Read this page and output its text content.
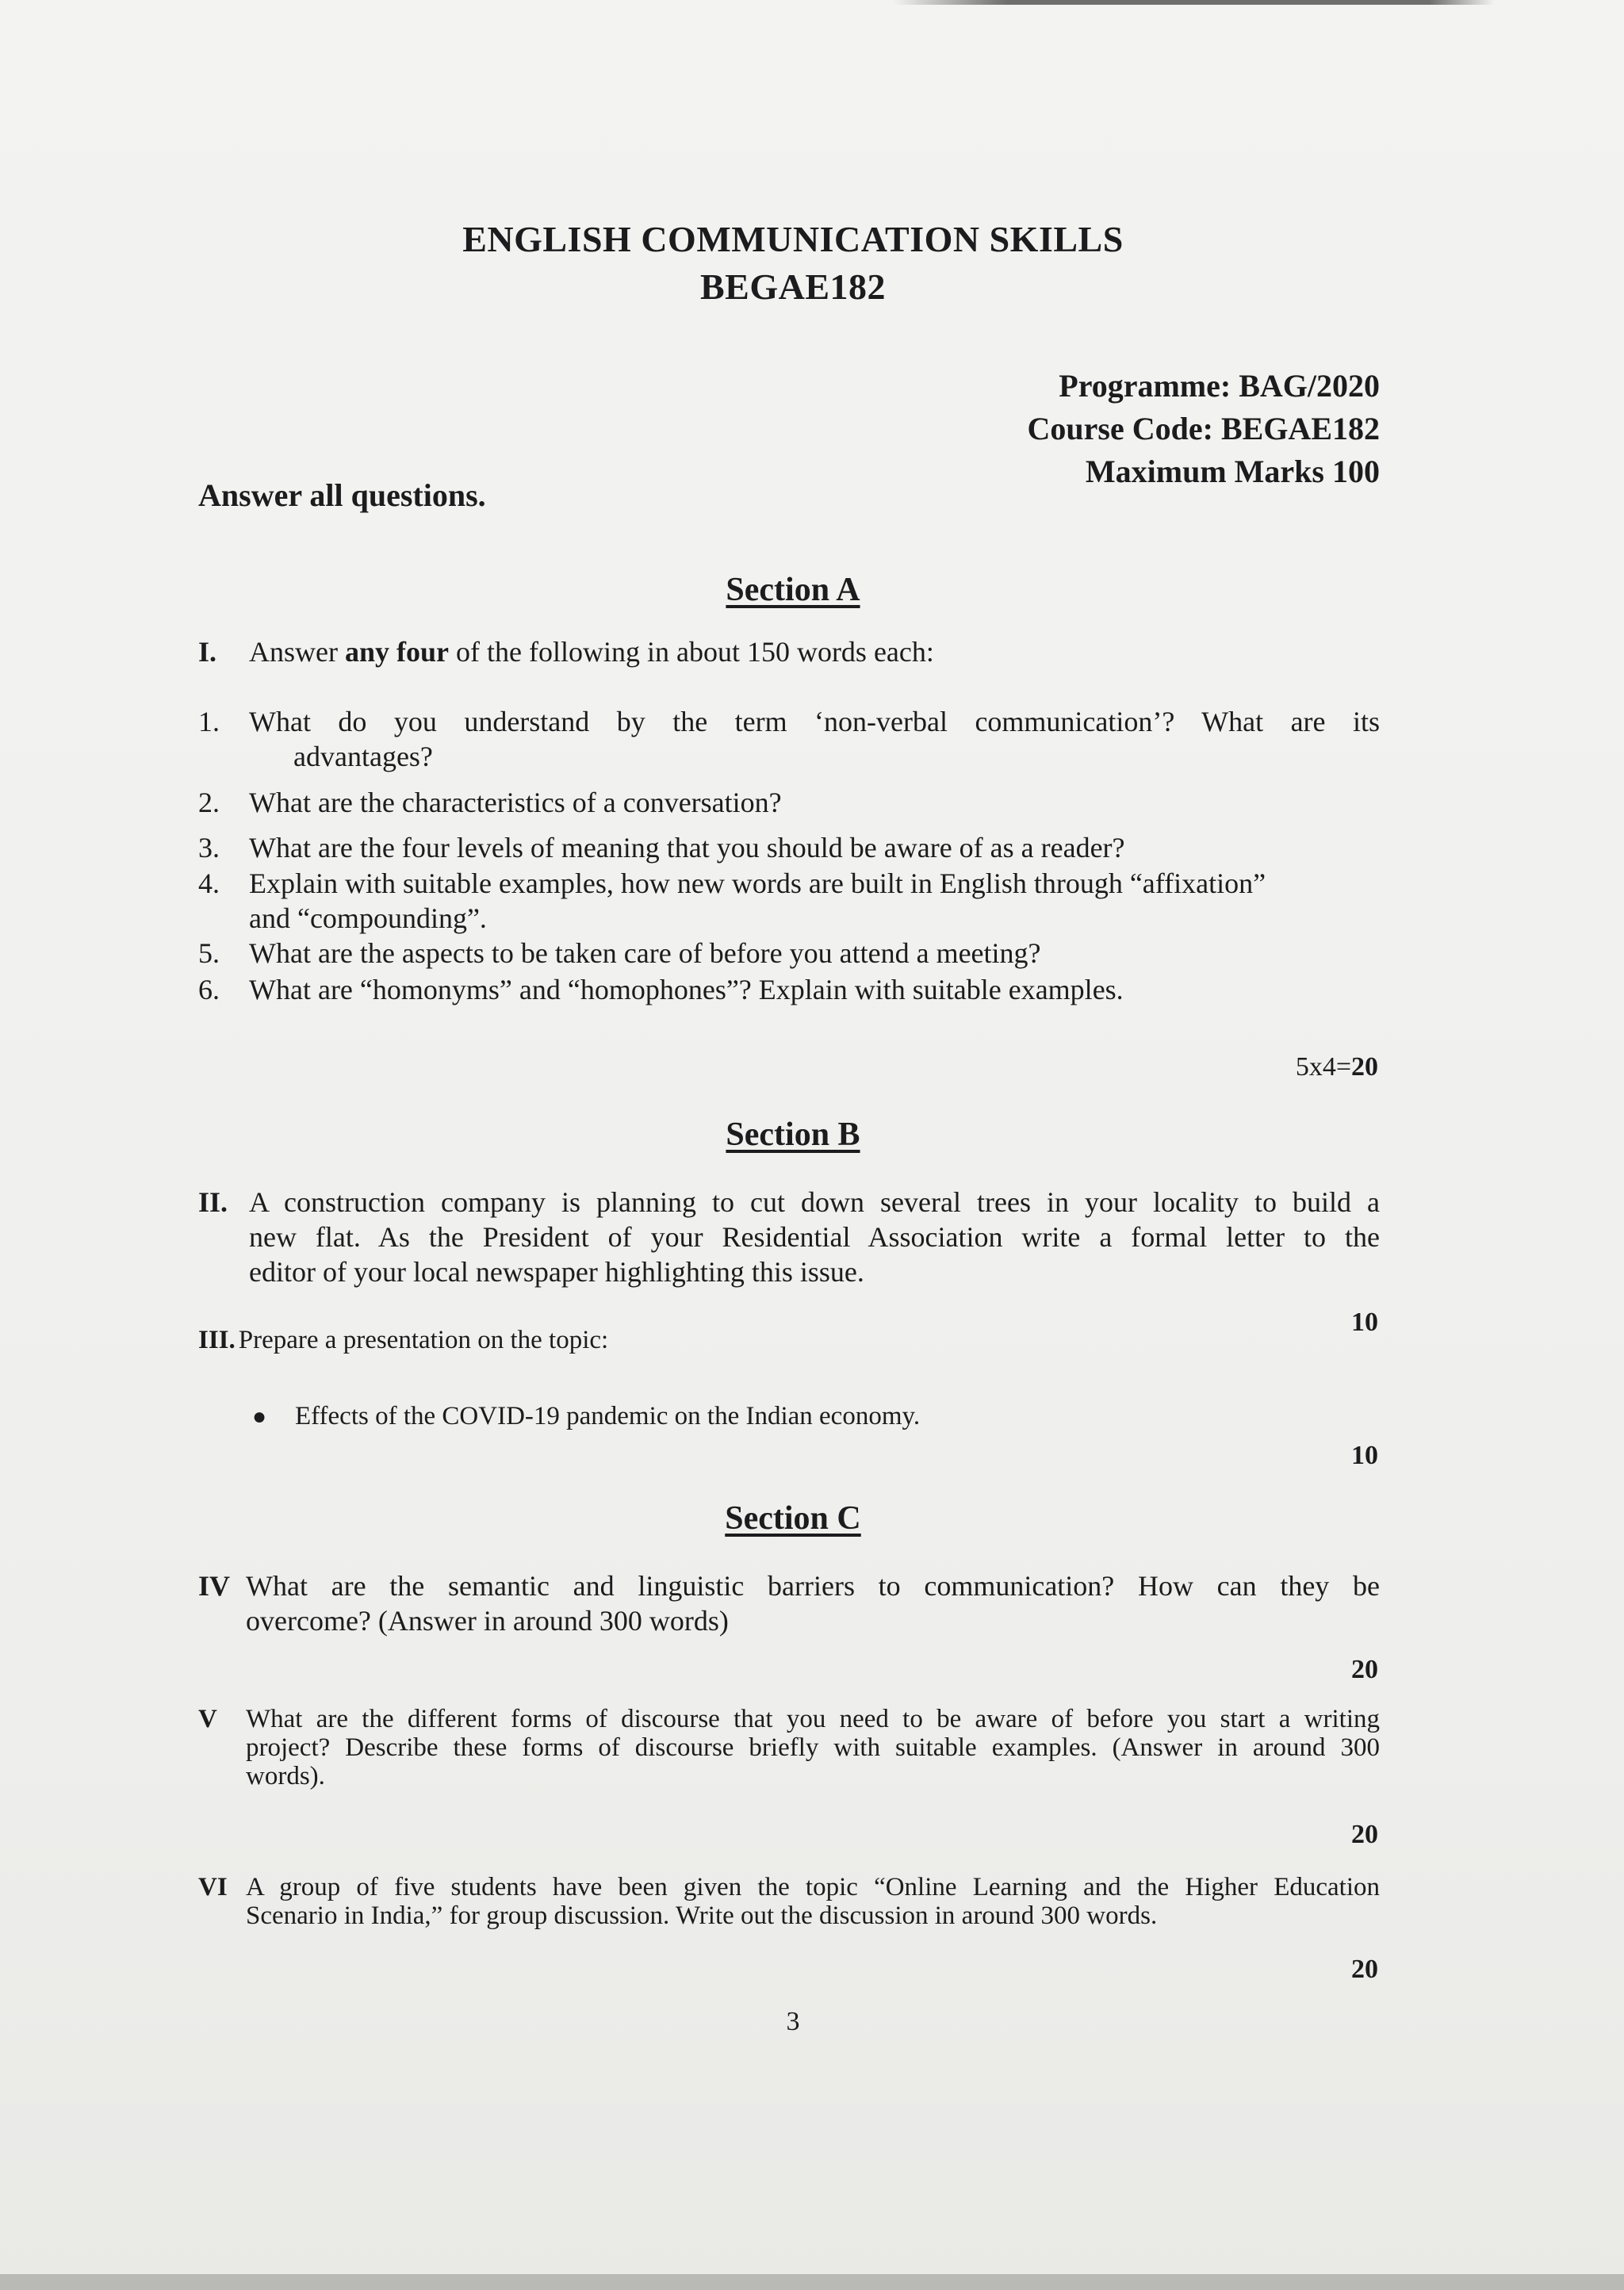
ENGLISH COMMUNICATION SKILLS
BEGAE182
Programme: BAG/2020
Course Code: BEGAE182
Maximum Marks 100
Answer all questions.
Section A
I. Answer any four of the following in about 150 words each:
1. What do you understand by the term ‘non-verbal communication’? What are its
advantages?
2. What are the characteristics of a conversation?
3. What are the four levels of meaning that you should be aware of as a reader?
4. Explain with suitable examples, how new words are built in English through “affixation”
and “compounding”.
5. What are the aspects to be taken care of before you attend a meeting?
6. What are “homonyms” and “homophones”? Explain with suitable examples.
5x4=20
Section B
II. A construction company is planning to cut down several trees in your locality to build a
new flat. As the President of your Residential Association write a formal letter to the
editor of your local newspaper highlighting this issue.
10
III. Prepare a presentation on the topic:
● Effects of the COVID-19 pandemic on the Indian economy.
10
Section C
IV What are the semantic and linguistic barriers to communication? How can they be
overcome? (Answer in around 300 words)
20
V	What are the different forms of discourse that you need to be aware of before you start a writing
project? Describe these forms of discourse briefly with suitable examples. (Answer in around 300
words).
20
VI A group of five students have been given the topic “Online Learning and the Higher Education
Scenario in India,” for group discussion. Write out the discussion in around 300 words.
20
3
